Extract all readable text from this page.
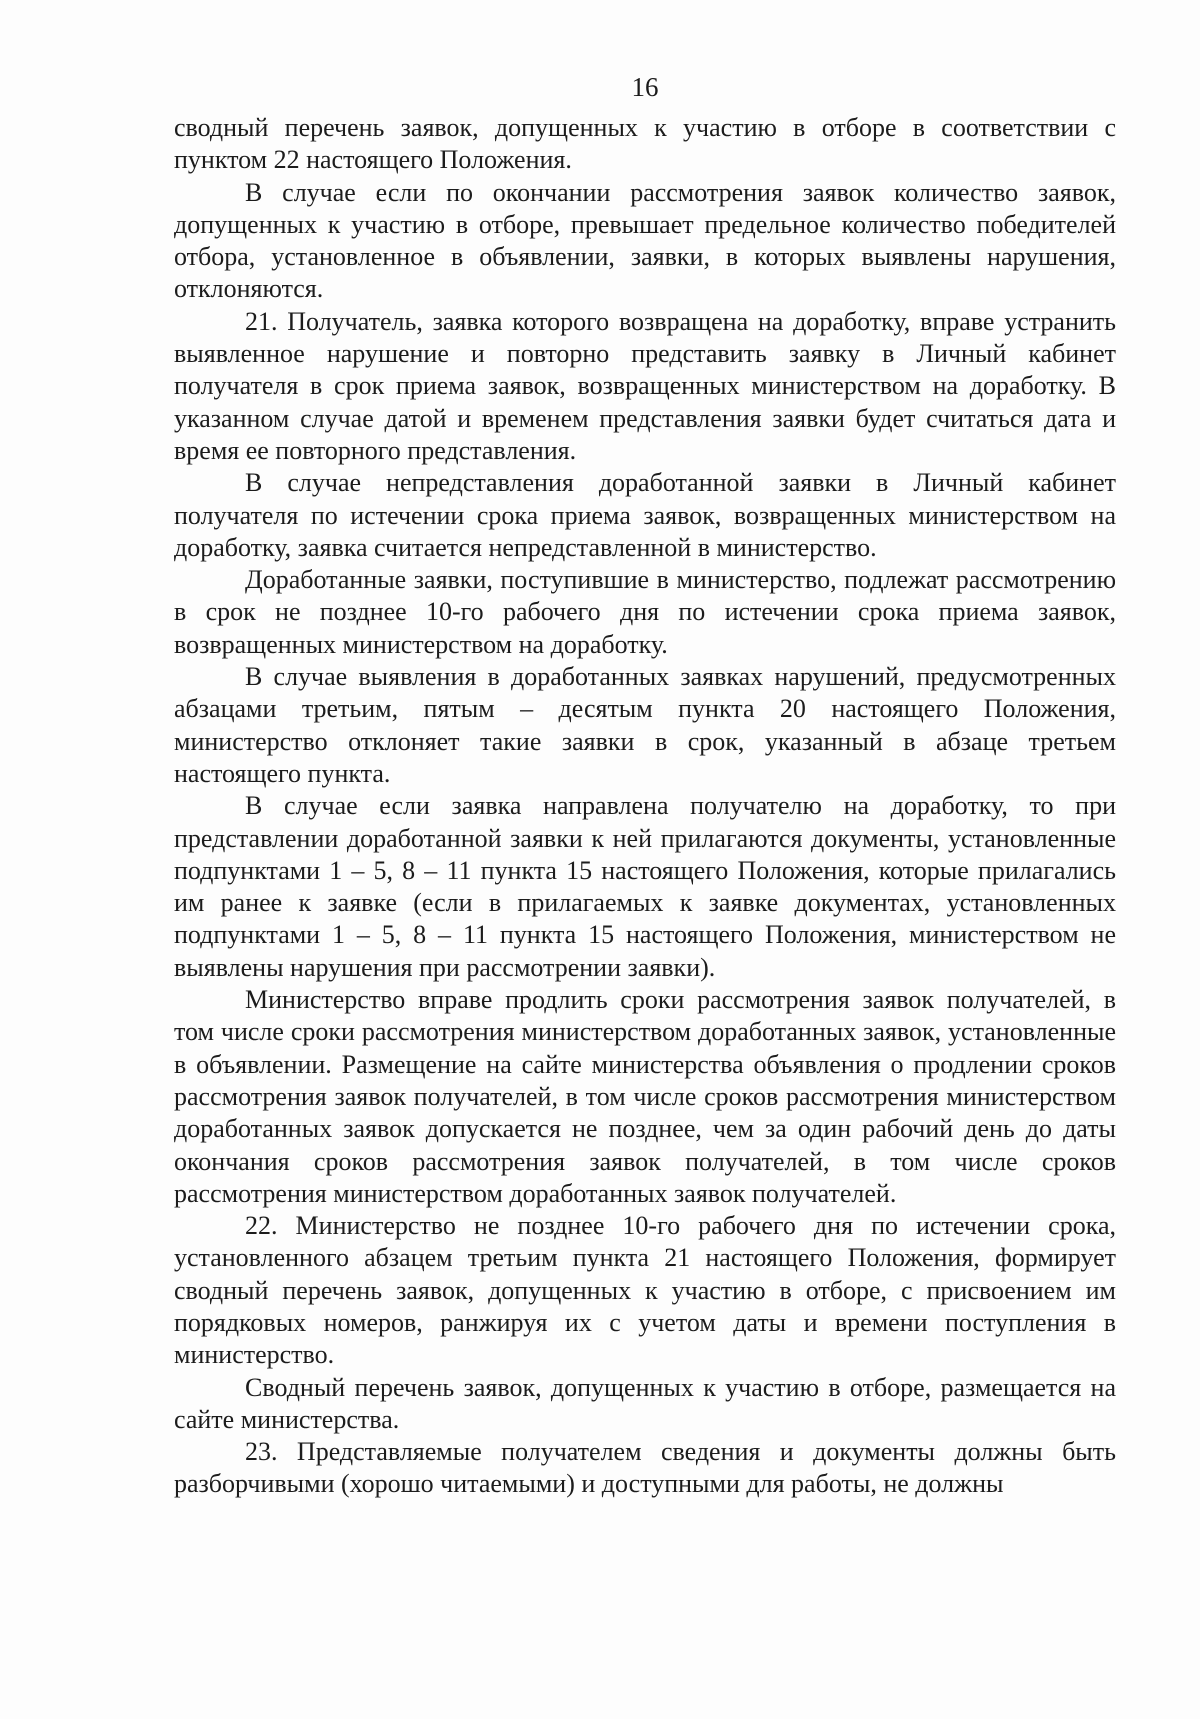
16

сводный перечень заявок, допущенных к участию в отборе в соответствии с пунктом 22 настоящего Положения.

В случае если по окончании рассмотрения заявок количество заявок, допущенных к участию в отборе, превышает предельное количество победителей отбора, установленное в объявлении, заявки, в которых выявлены нарушения, отклоняются.

21. Получатель, заявка которого возвращена на доработку, вправе устранить выявленное нарушение и повторно представить заявку в Личный кабинет получателя в срок приема заявок, возвращенных министерством на доработку. В указанном случае датой и временем представления заявки будет считаться дата и время ее повторного представления.

В случае непредставления доработанной заявки в Личный кабинет получателя по истечении срока приема заявок, возвращенных министерством на доработку, заявка считается непредставленной в министерство.

Доработанные заявки, поступившие в министерство, подлежат рассмотрению в срок не позднее 10-го рабочего дня по истечении срока приема заявок, возвращенных министерством на доработку.

В случае выявления в доработанных заявках нарушений, предусмотренных абзацами третьим, пятым – десятым пункта 20 настоящего Положения, министерство отклоняет такие заявки в срок, указанный в абзаце третьем настоящего пункта.

В случае если заявка направлена получателю на доработку, то при представлении доработанной заявки к ней прилагаются документы, установленные подпунктами 1 – 5, 8 – 11 пункта 15 настоящего Положения, которые прилагались им ранее к заявке (если в прилагаемых к заявке документах, установленных подпунктами 1 – 5, 8 – 11 пункта 15 настоящего Положения, министерством не выявлены нарушения при рассмотрении заявки).

Министерство вправе продлить сроки рассмотрения заявок получателей, в том числе сроки рассмотрения министерством доработанных заявок, установленные в объявлении. Размещение на сайте министерства объявления о продлении сроков рассмотрения заявок получателей, в том числе сроков рассмотрения министерством доработанных заявок допускается не позднее, чем за один рабочий день до даты окончания сроков рассмотрения заявок получателей, в том числе сроков рассмотрения министерством доработанных заявок получателей.

22. Министерство не позднее 10-го рабочего дня по истечении срока, установленного абзацем третьим пункта 21 настоящего Положения, формирует сводный перечень заявок, допущенных к участию в отборе, с присвоением им порядковых номеров, ранжируя их с учетом даты и времени поступления в министерство.

Сводный перечень заявок, допущенных к участию в отборе, размещается на сайте министерства.

23. Представляемые получателем сведения и документы должны быть разборчивыми (хорошо читаемыми) и доступными для работы, не должны
